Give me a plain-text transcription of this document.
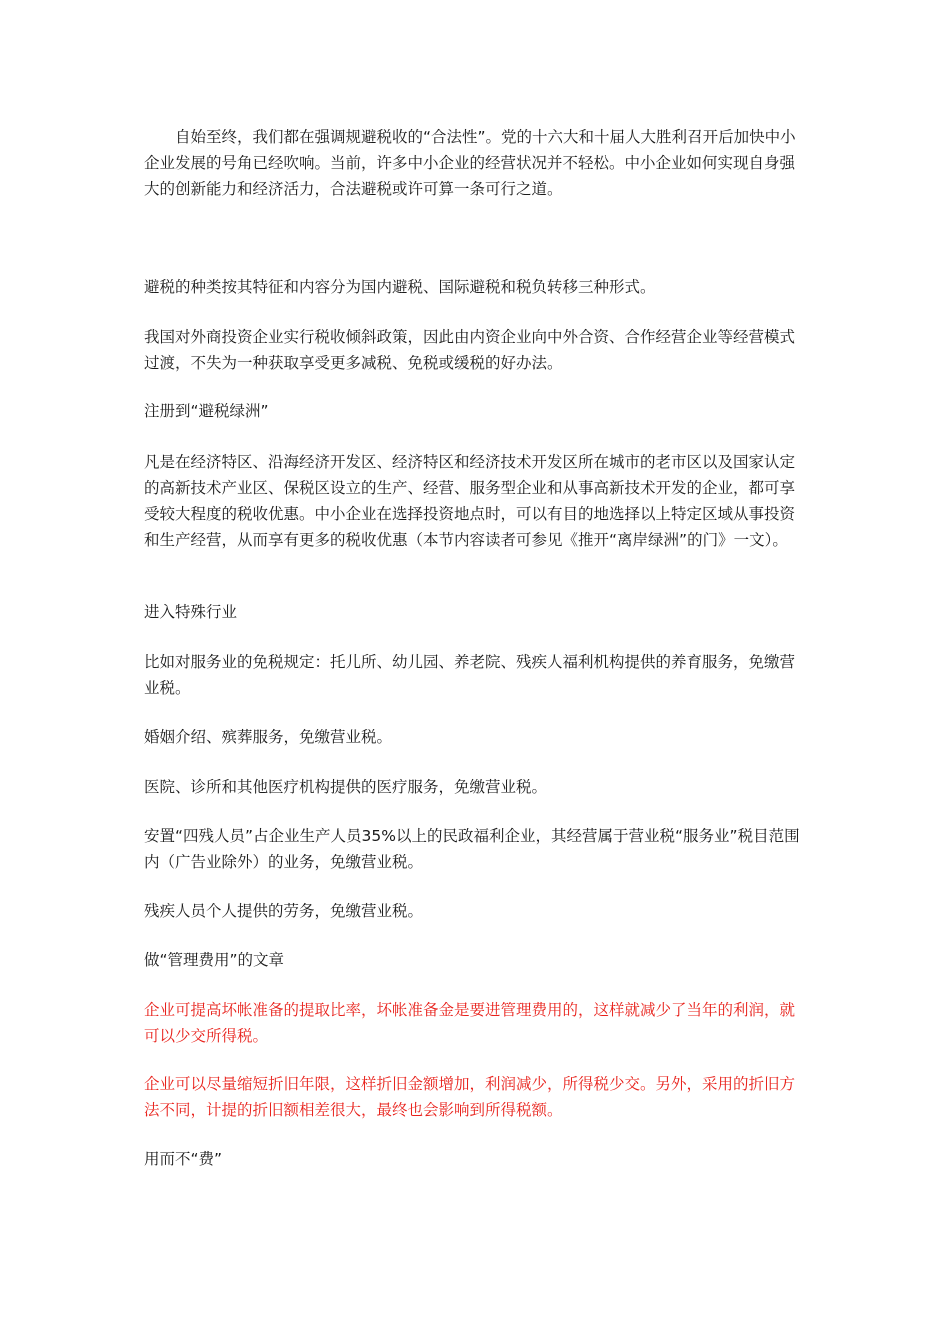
自始至终，我们都在强调规避税收的“合法性”。党的十六大和十届人大胜利召开后加快中小企业发展的号角已经吹响。当前，许多中小企业的经营状况并不轻松。中小企业如何实现自身强大的创新能力和经济活力，合法避税或许可算一条可行之道。

避税的种类按其特征和内容分为国内避税、国际避税和税负转移三种形式。

我国对外商投资企业实行税收倾斜政策，因此由内资企业向中外合资、合作经营企业等经营模式过渡，不失为一种获取享受更多减税、免税或缓税的好办法。

注册到“避税绿洲”

凡是在经济特区、沿海经济开发区、经济特区和经济技术开发区所在城市的老市区以及国家认定的高新技术产业区、保税区设立的生产、经营、服务型企业和从事高新技术开发的企业，都可享受较大程度的税收优惠。中小企业在选择投资地点时，可以有目的地选择以上特定区域从事投资和生产经营，从而享有更多的税收优惠（本节内容读者可参见《推开“离岸绿洲”的门》一文）。

进入特殊行业

比如对服务业的免税规定：托儿所、幼儿园、养老院、残疾人福利机构提供的养育服务，免缴营业税。

婚姻介绍、殡葬服务，免缴营业税。

医院、诊所和其他医疗机构提供的医疗服务，免缴营业税。

安置“四残人员”占企业生产人员35%以上的民政福利企业，其经营属于营业税“服务业”税目范围内（广告业除外）的业务，免缴营业税。

残疾人员个人提供的劳务，免缴营业税。

做“管理费用”的文章

企业可提高坏帐准备的提取比率，坏帐准备金是要进管理费用的，这样就减少了当年的利润，就可以少交所得税。

企业可以尽量缩短折旧年限，这样折旧金额增加，利润减少，所得税少交。另外，采用的折旧方法不同，计提的折旧额相差很大，最终也会影响到所得税额。

用而不“费”
